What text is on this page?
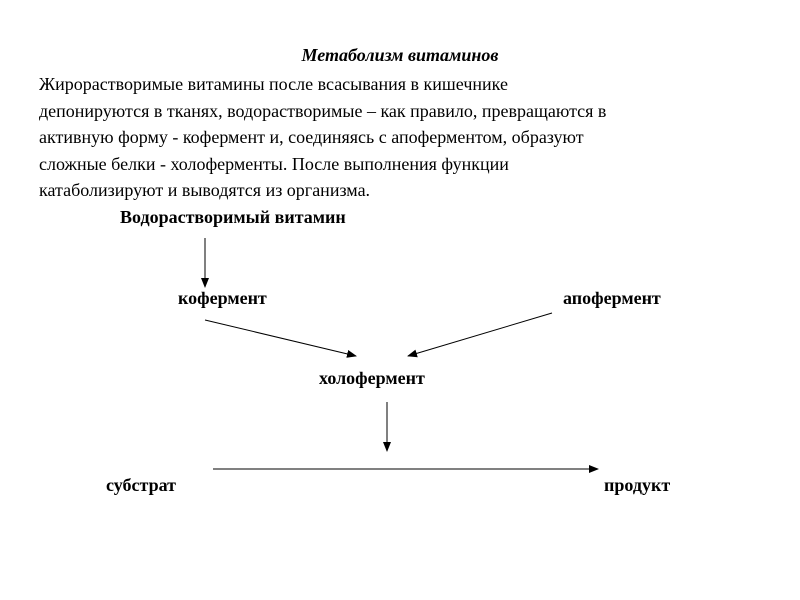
Метаболизм витаминов
Жирорастворимые витамины после всасывания в кишечнике
депонируются в тканях, водорастворимые – как правило, превращаются в
активную форму - кофермент и, соединяясь с апоферментом, образуют
сложные белки - холоферменты. После выполнения функции
катаболизируют и выводятся из организма.
Водорастворимый витамин
кофермент	апофермент
холофермент
субстрат	продукт
